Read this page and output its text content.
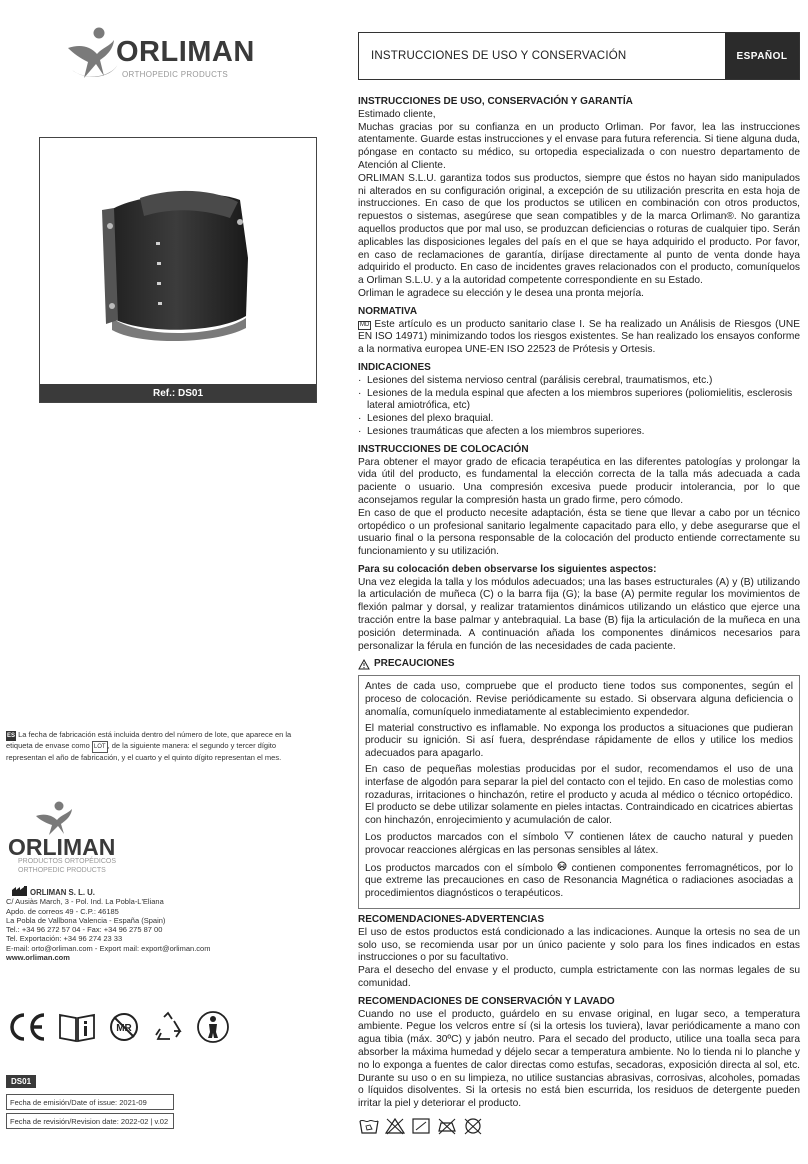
ORLIMAN
ORTHOPEDIC PRODUCTS
INSTRUCCIONES DE USO Y CONSERVACIÓN	ESPAÑOL
Ref.: DS01
ES La fecha de fabricación está incluida dentro del número de lote, que aparece en la etiqueta de envase como LOT , de la siguiente manera: el segundo y tercer dígito representan el año de fabricación, y el cuarto y el quinto dígito representan el mes.
ORLIMAN
PRODUCTOS ORTOPÉDICOS
ORTHOPEDIC PRODUCTS
ORLIMAN S. L. U.
C/ Ausiàs March, 3 - Pol. Ind. La Pobla-L'Eliana
Apdo. de correos 49 - C.P.: 46185
La Pobla de Vallbona Valencia - España (Spain)
Tel.: +34 96 272 57 04 - Fax: +34 96 275 87 00
Tel. Exportación: +34 96 274 23 33
E-mail: orto@orliman.com - Export mail: export@orliman.com
www.orliman.com
MR
DS01
Fecha de emisión/Date of issue: 2021-09
Fecha de revisión/Revision date: 2022-02 | v.02
INSTRUCCIONES DE USO, CONSERVACIÓN Y GARANTÍA

Estimado cliente,

Muchas gracias por su confianza en un producto Orliman. Por favor, lea las instrucciones atentamente. Guarde estas instrucciones y el envase para futura referencia. Si tiene alguna duda, póngase en contacto su médico, su ortopedia especializada o con nuestro departamento de Atención al Cliente.

ORLIMAN S.L.U. garantiza todos sus productos, siempre que éstos no hayan sido manipulados ni alterados en su configuración original, a excepción de su utilización prescrita en esta hoja de instrucciones. En caso de que los productos se utilicen en combinación con otros productos, repuestos o sistemas, asegúrese que sean compatibles y de la marca Orliman®. No garantiza aquellos productos que por mal uso, se produzcan deficiencias o roturas de cualquier tipo. Serán aplicables las disposiciones legales del país en el que se haya adquirido el producto. Por favor, en caso de reclamaciones de garantía, diríjase directamente al punto de venta donde haya adquirido el producto. En caso de incidentes graves relacionados con el producto, comuníquelos a Orliman S.L.U. y a la autoridad competente correspondiente en su Estado.

Orliman le agradece su elección y le desea una pronta mejoría.

NORMATIVA

MD Este artículo es un producto sanitario clase I. Se ha realizado un Análisis de Riesgos (UNE EN ISO 14971) minimizando todos los riesgos existentes. Se han realizado los ensayos conforme a la normativa europea UNE-EN ISO 22523 de Prótesis y Ortesis.

INDICACIONES
· Lesiones del sistema nervioso central (parálisis cerebral, traumatismos, etc.)
· Lesiones de la medula espinal que afecten a los miembros superiores (poliomielitis, esclerosis lateral amiotrófica, etc)
· Lesiones del plexo braquial.
· Lesiones traumáticas que afecten a los miembros superiores.
INSTRUCCIONES DE COLOCACIÓN

Para obtener el mayor grado de eficacia terapéutica en las diferentes patologías y prolongar la vida útil del producto, es fundamental la elección correcta de la talla más adecuada a cada paciente o usuario. Una compresión excesiva puede producir intolerancia, por lo que aconsejamos regular la compresión hasta un grado firme, pero cómodo.

En caso de que el producto necesite adaptación, ésta se tiene que llevar a cabo por un técnico ortopédico o un profesional sanitario legalmente capacitado para ello, y debe asegurarse que el usuario final o la persona responsable de la colocación del producto entiende correctamente su funcionamiento y su utilización.

Para su colocación deben observarse los siguientes aspectos:

Una vez elegida la talla y los módulos adecuados; una las bases estructurales (A) y (B) utilizando la articulación de muñeca (C) o la barra fija (G); la base (A) permite regular los movimientos de flexión palmar y dorsal, y realizar tratamientos dinámicos utilizando un elástico que ejerce una tracción entre la base palmar y antebraquial. La base (B) fija la articulación de la muñeca en una posición determinada. A continuación añada los componentes dinámicos necesarios para personalizar la férula en función de las necesidades de cada paciente.

PRECAUCIONES

Antes de cada uso, compruebe que el producto tiene todos sus componentes, según el proceso de colocación. Revise periódicamente su estado. Si observara alguna deficiencia o anomalía, comuníquelo inmediatamente al establecimiento expendedor.

El material constructivo es inflamable. No exponga los productos a situaciones que pudieran producir su ignición. Si así fuera, despréndase rápidamente de ellos y utilice los medios adecuados para apagarlo.

En caso de pequeñas molestias producidas por el sudor, recomendamos el uso de una interfase de algodón para separar la piel del contacto con el tejido. En caso de molestias como rozaduras, irritaciones o hinchazón, retire el producto y acuda al médico o técnico ortopédico. El producto se debe utilizar solamente en pieles intactas. Contraindicado en cicatrices abiertas con hinchazón, enrojecimiento y acumulación de calor.

Los productos marcados con el símbolo contienen látex de caucho natural y pueden provocar reacciones alérgicas en las personas sensibles al látex.

Los productos marcados con el símbolo contienen componentes ferromagnéticos, por lo que extreme las precauciones en caso de Resonancia Magnética o radiaciones asociadas a procedimientos diagnósticos o terapéuticos.

RECOMENDACIONES-ADVERTENCIAS

El uso de estos productos está condicionado a las indicaciones. Aunque la ortesis no sea de un solo uso, se recomienda usar por un único paciente y solo para los fines indicados en estas instrucciones o por su facultativo.

Para el desecho del envase y el producto, cumpla estrictamente con las normas legales de su comunidad.

RECOMENDACIONES DE CONSERVACIÓN Y LAVADO

Cuando no use el producto, guárdelo en su envase original, en lugar seco, a temperatura ambiente. Pegue los velcros entre sí (si la ortesis los tuviera), lavar periódicamente a mano con agua tibia (máx. 30ºC) y jabón neutro. Para el secado del producto, utilice una toalla seca para absorber la máxima humedad y déjelo secar a temperatura ambiente. No lo tienda ni lo planche y no lo exponga a fuentes de calor directas como estufas, secadoras, exposición directa al sol, etc. Durante su uso o en su limpieza, no utilice sustancias abrasivas, corrosivas, alcoholes, pomadas o líquidos disolventes. Si la ortesis no está bien escurrida, los residuos de detergente pueden irritar la piel y deteriorar el producto.
